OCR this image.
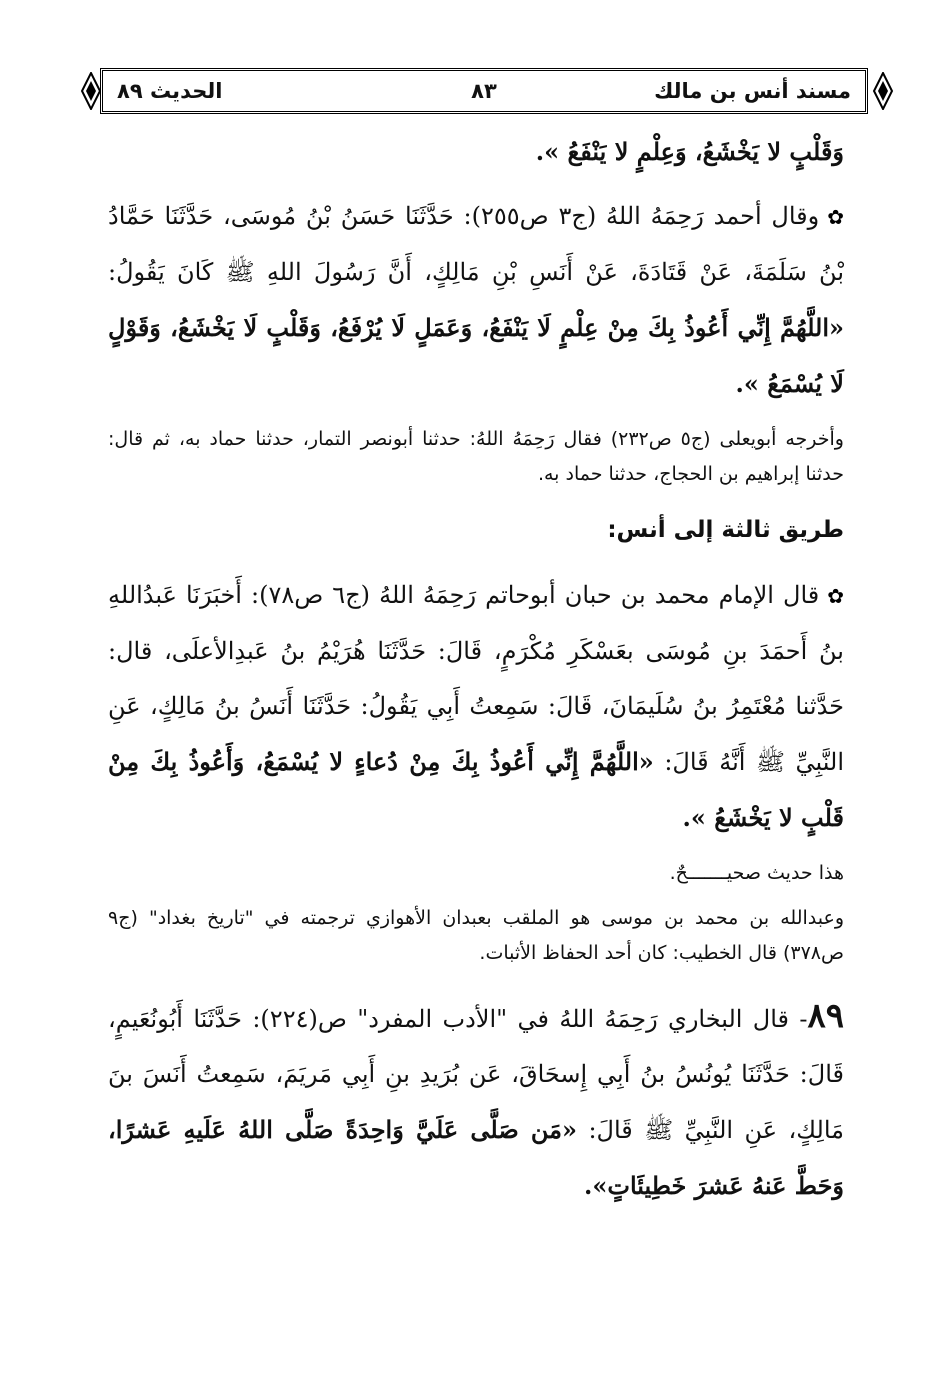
مسند أنس بن مالك
٨٣
الحديث ٨٩
وَقَلْبٍ لا يَخْشَعُ، وَعِلْمٍ لا يَنْفَعُ ».
✿وقال أحمد رَحِمَهُ اللهُ (ج٣ ص٢٥٥): حَدَّثَنَا حَسَنُ بْنُ مُوسَى، حَدَّثَنَا حَمَّادُ بْنُ سَلَمَةَ، عَنْ قَتَادَةَ، عَنْ أَنَسِ بْنِ مَالِكٍ، أَنَّ رَسُولَ اللهِ ﷺ كَانَ يَقُولُ: «اللَّهُمَّ إِنِّي أَعُوذُ بِكَ مِنْ عِلْمٍ لَا يَنْفَعُ، وَعَمَلٍ لَا يُرْفَعُ، وَقَلْبٍ لَا يَخْشَعُ، وَقَوْلٍ لَا يُسْمَعُ ».
وأخرجه أبويعلى (ج٥ ص٢٣٢) فقال رَحِمَهُ اللهُ: حدثنا أبونصر التمار، حدثنا حماد به، ثم قال: حدثنا إبراهيم بن الحجاج، حدثنا حماد به.
طريق ثالثة إلى أنس:
✿قال الإمام محمد بن حبان أبوحاتم رَحِمَهُ اللهُ (ج٦ ص٧٨): أَخبَرَنَا عَبدُاللهِ بنُ أَحمَدَ بنِ مُوسَى بعَسْكَرِ مُكْرَمٍ، قَالَ: حَدَّثَنَا هُرَيْمُ بنُ عَبدِالأعلَى، قال: حَدَّثنا مُعْتَمِرُ بنُ سُلَيمَانَ، قَالَ: سَمِعتُ أَبِي يَقُولُ: حَدَّثَنَا أَنَسُ بنُ مَالِكٍ، عَنِ النَّبِيِّ ﷺ أَنَّهُ قَالَ: «اللَّهُمَّ إِنِّي أَعُوذُ بِكَ مِنْ دُعاءٍ لا يُسْمَعُ، وَأَعُوذُ بِكَ مِنْ قَلْبٍ لا يَخْشَعُ ».
هذا حديث صحيـــــــحٌ.
وعبدالله بن محمد بن موسى هو الملقب بعبدان الأهوازي ترجمته في "تاريخ بغداد" (ج٩ ص٣٧٨) قال الخطيب: كان أحد الحفاظ الأثبات.
٨٩- قال البخاري رَحِمَهُ اللهُ في "الأدب المفرد" ص(٢٢٤): حَدَّثَنَا أَبُونُعَيمٍ، قَالَ: حَدَّثَنَا يُونُسُ بنُ أَبِي إِسحَاقَ، عَن بُرَيدِ بنِ أَبِي مَريَمَ، سَمِعتُ أَنَسَ بنَ مَالِكٍ، عَنِ النَّبِيِّ ﷺ قَالَ: «مَن صَلَّى عَلَيَّ وَاحِدَةً صَلَّى اللهُ عَلَيهِ عَشرًا، وَحَطَّ عَنهُ عَشرَ خَطِيئَاتٍ».
